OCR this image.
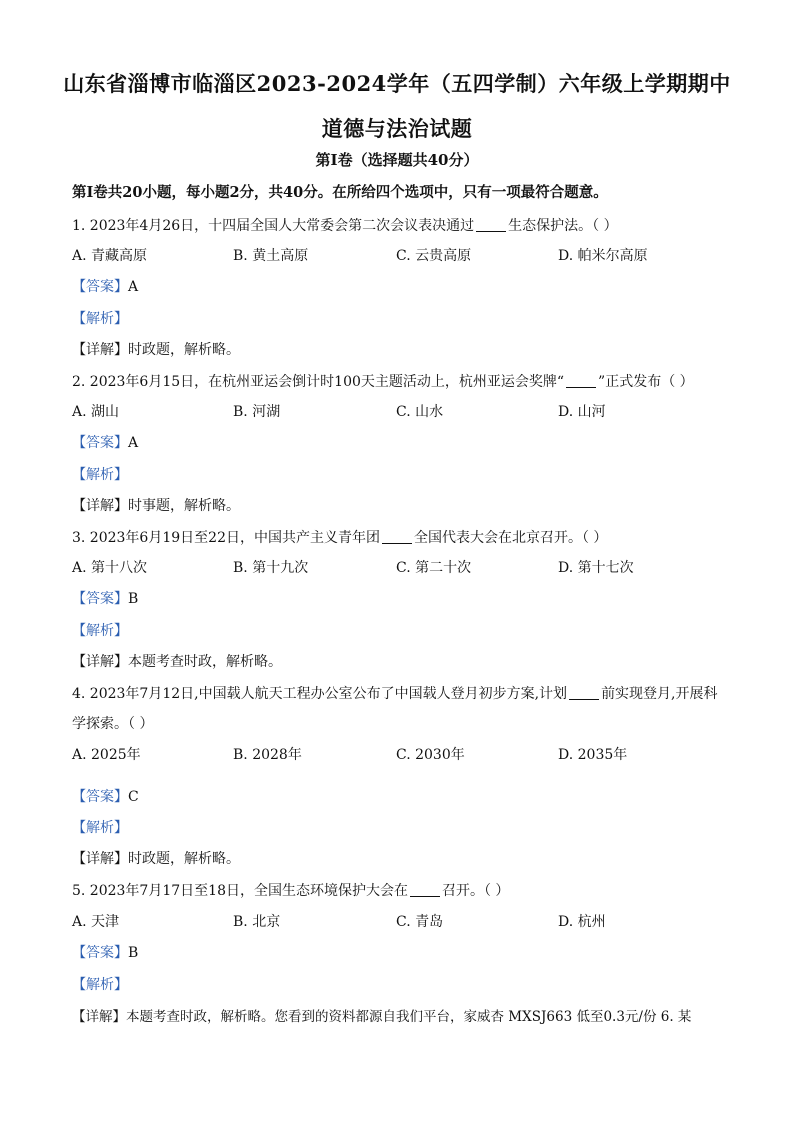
山东省淄博市临淄区2023-2024学年（五四学制）六年级上学期期中
道德与法治试题
第Ⅰ卷（选择题共40分）
第Ⅰ卷共20小题，每小题2分，共40分。在所给四个选项中，只有一项最符合题意。
1. 2023年4月26日，十四届全国人大常委会第二次会议表决通过 生态保护法。（ ）
A. 青藏高原	B. 黄土高原	C. 云贵高原	D. 帕米尔高原
【答案】A
【解析】
【详解】时政题，解析略。
2. 2023年6月15日，在杭州亚运会倒计时100天主题活动上，杭州亚运会奖牌“ ”正式发布（ ）
A. 湖山	B. 河湖	C. 山水	D. 山河
【答案】A
【解析】
【详解】时事题，解析略。
3. 2023年6月19日至22日，中国共产主义青年团 全国代表大会在北京召开。（ ）
A. 第十八次	B. 第十九次	C. 第二十次	D. 第十七次
【答案】B
【解析】
【详解】本题考查时政，解析略。
4. 2023年7月12日,中国载人航天工程办公室公布了中国载人登月初步方案,计划 前实现登月,开展科
学探索。（ ）
A. 2025年	B. 2028年	C. 2030年	D. 2035年
【答案】C
【解析】
【详解】时政题，解析略。
5. 2023年7月17日至18日，全国生态环境保护大会在 召开。（ ）
A. 天津	B. 北京	C. 青岛	D. 杭州
【答案】B
【解析】
【详解】本题考查时政，解析略。您看到的资料都源自我们平台，家威杏 MXSJ663 低至0.3元/份 6. 某
